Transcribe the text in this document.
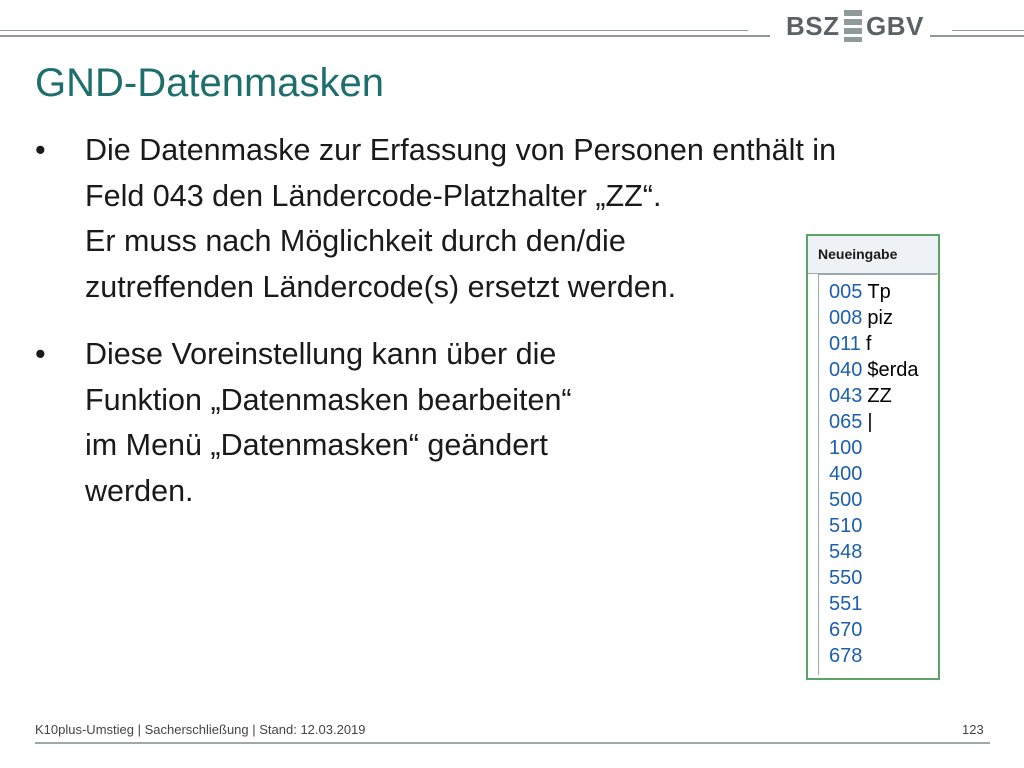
BSZ GBV
GND-Datenmasken
• Die Datenmaske zur Erfassung von Personen enthält in
Feld 043 den Ländercode-Platzhalter „ZZ“.
Er muss nach Möglichkeit durch den/die
zutreffenden Ländercode(s) ersetzt werden.
• Diese Voreinstellung kann über die
Funktion „Datenmasken bearbeiten“
im Menü „Datenmasken“ geändert
werden.
Neueingabe
005 Tp
008 piz
011 f
040 $erda
043 ZZ
065 |
100
400
500
510
548
550
551
670
678
K10plus-Umstieg | Sacherschließung | Stand: 12.03.2019	123
